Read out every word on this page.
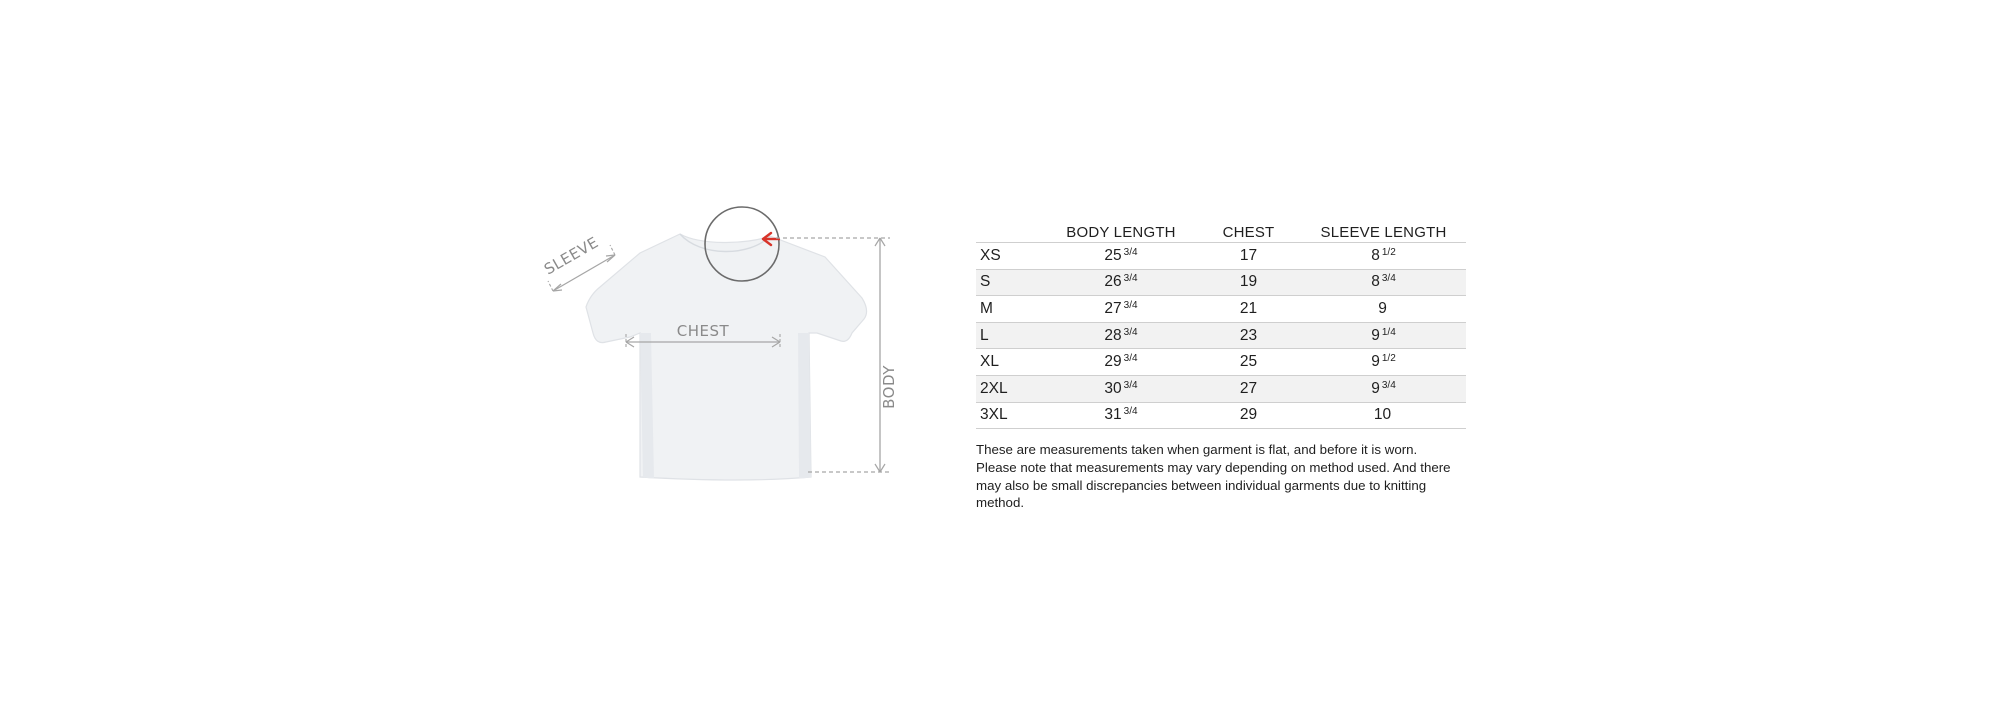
SLEEVE
CHEST
BODY
	BODY LENGTH	CHEST	SLEEVE LENGTH
XS	25 $^{3/4}$	17	8 $^{1/2}$
S	26 $^{3/4}$	19	8 $^{3/4}$
M	27 $^{3/4}$	21	9
L	28 $^{3/4}$	23	9 $^{1/4}$
XL	29 $^{3/4}$	25	9 $^{1/2}$
2XL	30 $^{3/4}$	27	9 $^{3/4}$
3XL	31 $^{3/4}$	29	10

These are measurements taken when garment is flat, and before it is worn. Please note that measurements may vary depending on method used. And there may also be small discrepancies between individual garments due to knitting method.
